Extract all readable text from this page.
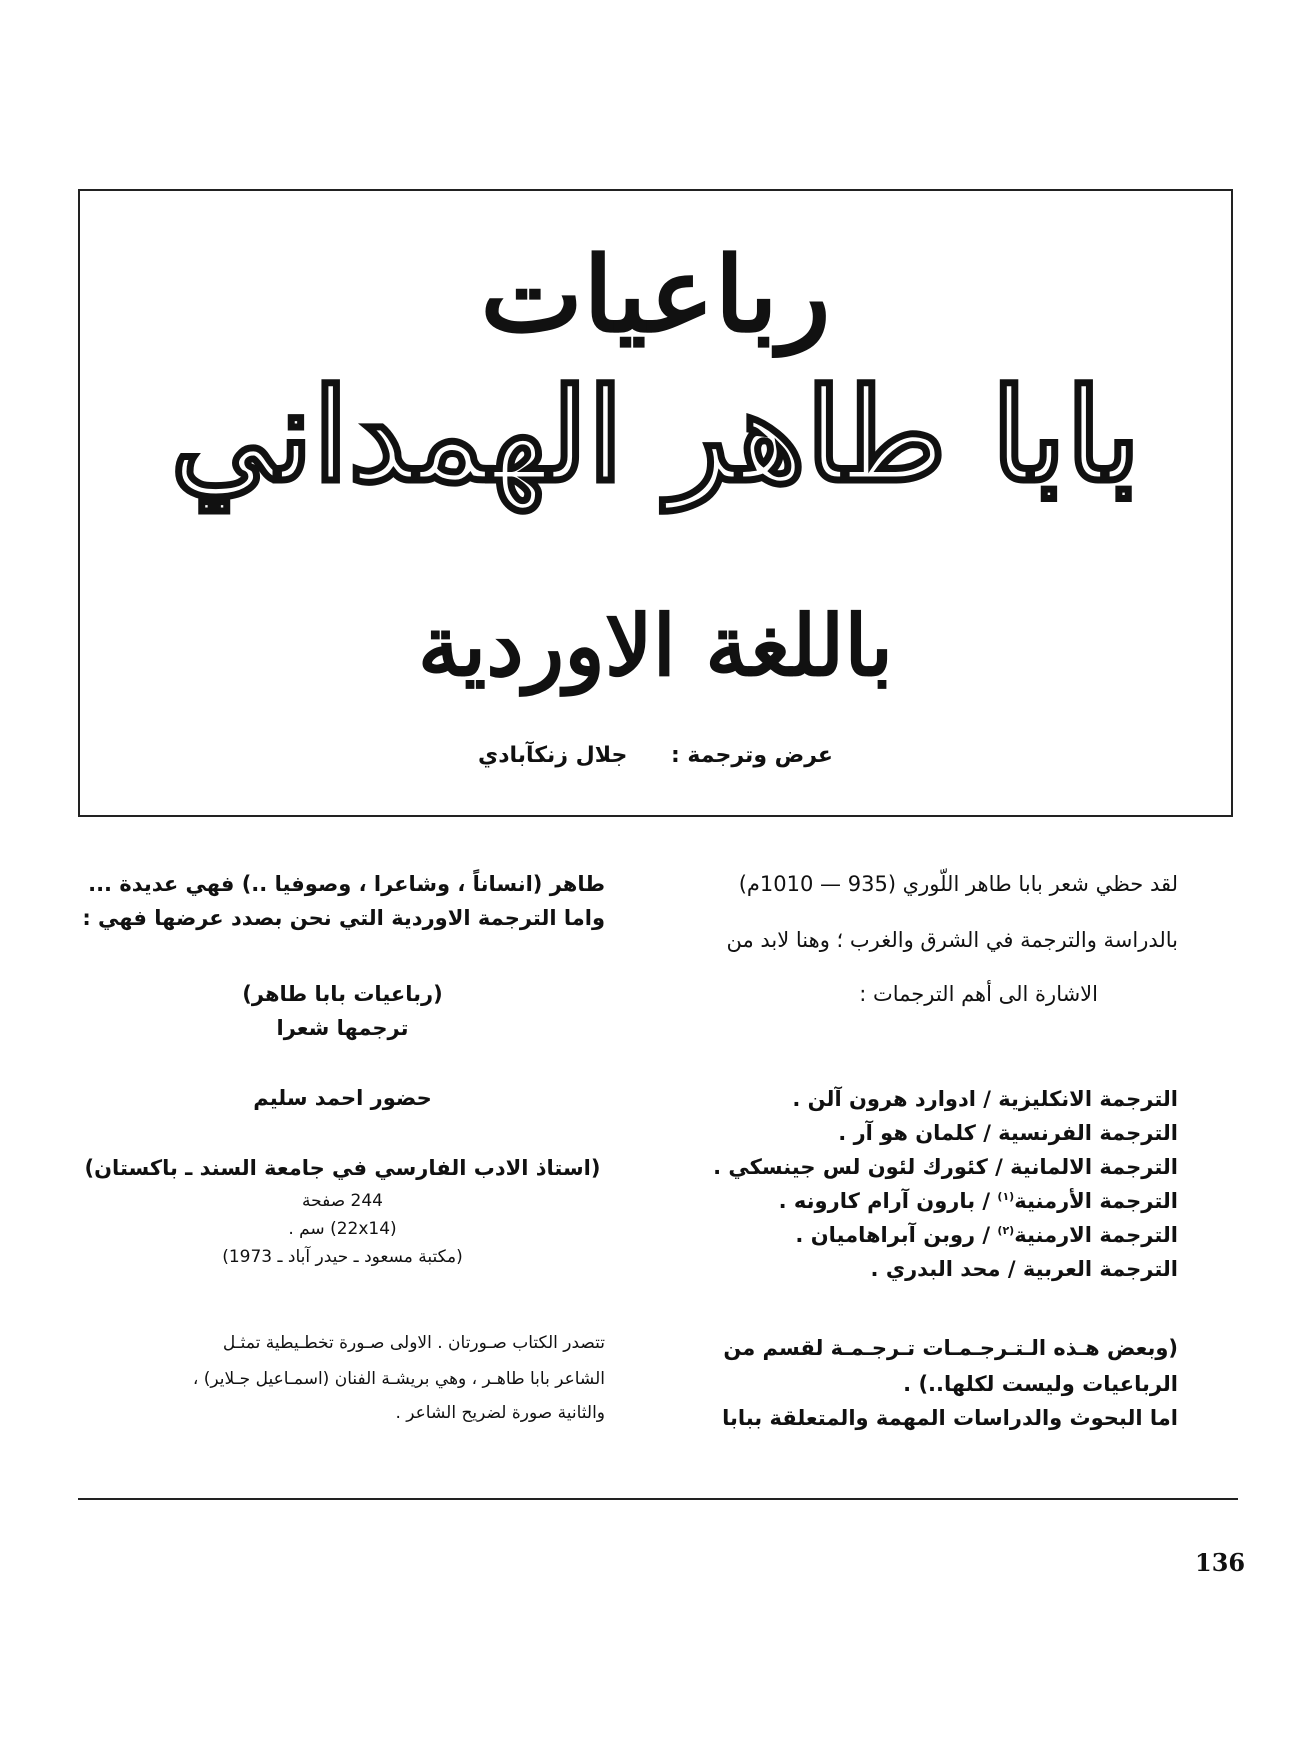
رباعيات
بابا طاهر الهمداني
باللغة الاوردية
عرض وترجمة : جلال زنكآبادي
لقد حظي شعر بابا طاهر اللّوري (935 — 1010م)
بالدراسة والترجمة في الشرق والغرب ؛ وهنا لابد من
الاشارة الى أهم الترجمات :
الترجمة الانكليزية / ادوارد هرون آلن .
الترجمة الفرنسية / كلمان هو آر .
الترجمة الالمانية / كئورك لئون لس جينسكي .
الترجمة الأرمنية$^{(١)}$ / بارون آرام كارونه .
الترجمة الارمنية$^{(٢)}$ / روبن آبراهاميان .
الترجمة العربية / محد البدري .
(وبعض هـذه الـتـرجـمـات تـرجـمـة لقسم من
الرباعيات وليست لكلها..) .
اما البحوث والدراسات المهمة والمتعلقة ببابا
طاهر (انساناً ، وشاعرا ، وصوفيا ..) فهي عديدة ...
واما الترجمة الاوردية التي نحن بصدد عرضها فهي :
(رباعيات بابا طاهر)
ترجمها شعرا
حضور احمد سليم
(استاذ الادب الفارسي في جامعة السند ـ باكستان)
244 صفحة
(22x14) سم .
(مكتبة مسعود ـ حيدر آباد ـ 1973)
تتصدر الكتاب صـورتان . الاولى صـورة تخطـيطية تمثـل
الشاعر بابا طاهـر ، وهي بريشـة الفنان (اسمـاعيل جـلاير) ،
والثانية صورة لضريح الشاعر .
136
